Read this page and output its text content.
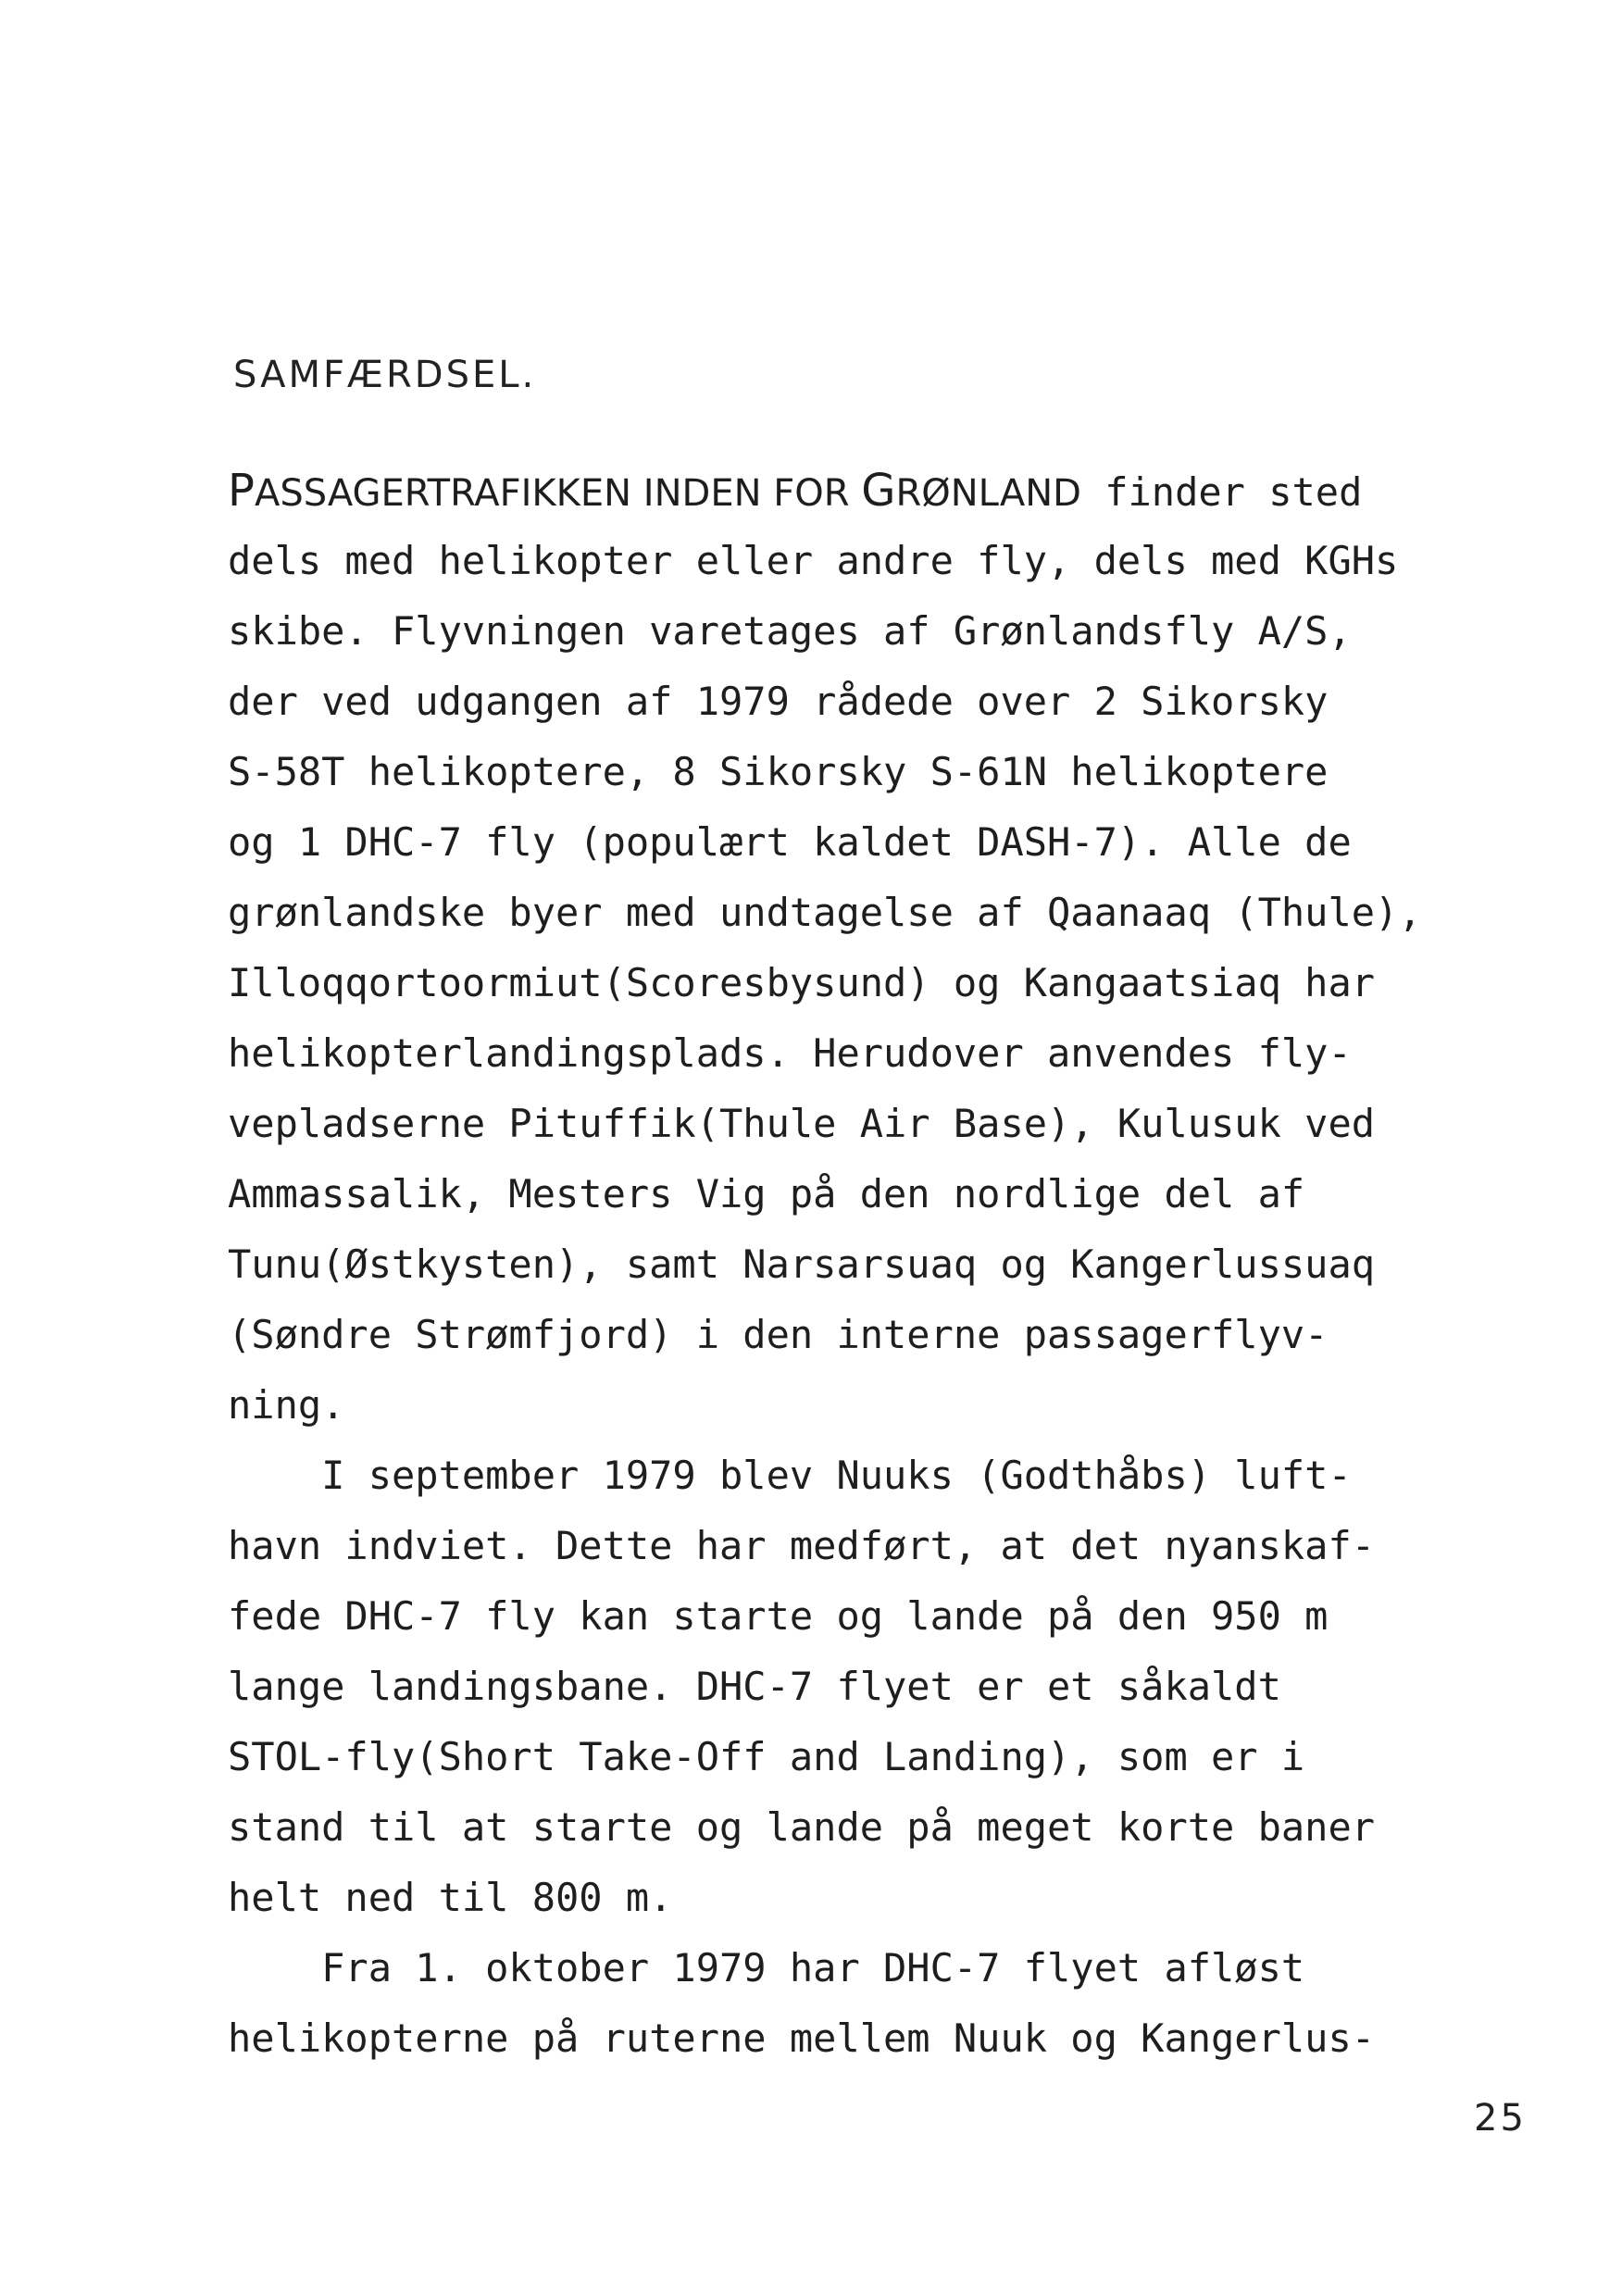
SAMFÆRDSEL.
PASSAGERTRAFIKKEN INDEN FOR GRØNLAND finder sted
dels med helikopter eller andre fly, dels med KGHs
skibe. Flyvningen varetages af Grønlandsfly A/S,
der ved udgangen af 1979 rådede over 2 Sikorsky
S-58T helikoptere, 8 Sikorsky S-61N helikoptere
og 1 DHC-7 fly (populært kaldet DASH-7). Alle de
grønlandske byer med undtagelse af Qaanaaq (Thule),
Illoqqortoormiut(Scoresbysund) og Kangaatsiaq har
helikopterlandingsplads. Herudover anvendes fly-
vepladserne Pituffik(Thule Air Base), Kulusuk ved
Ammassalik, Mesters Vig på den nordlige del af
Tunu(Østkysten), samt Narsarsuaq og Kangerlussuaq
(Søndre Strømfjord) i den interne passagerflyv-
ning.
I september 1979 blev Nuuks (Godthåbs) luft-
havn indviet. Dette har medført, at det nyanskaf-
fede DHC-7 fly kan starte og lande på den 950 m
lange landingsbane. DHC-7 flyet er et såkaldt
STOL-fly(Short Take-Off and Landing), som er i
stand til at starte og lande på meget korte baner
helt ned til 800 m.
Fra 1. oktober 1979 har DHC-7 flyet afløst
helikopterne på ruterne mellem Nuuk og Kangerlus-
25
